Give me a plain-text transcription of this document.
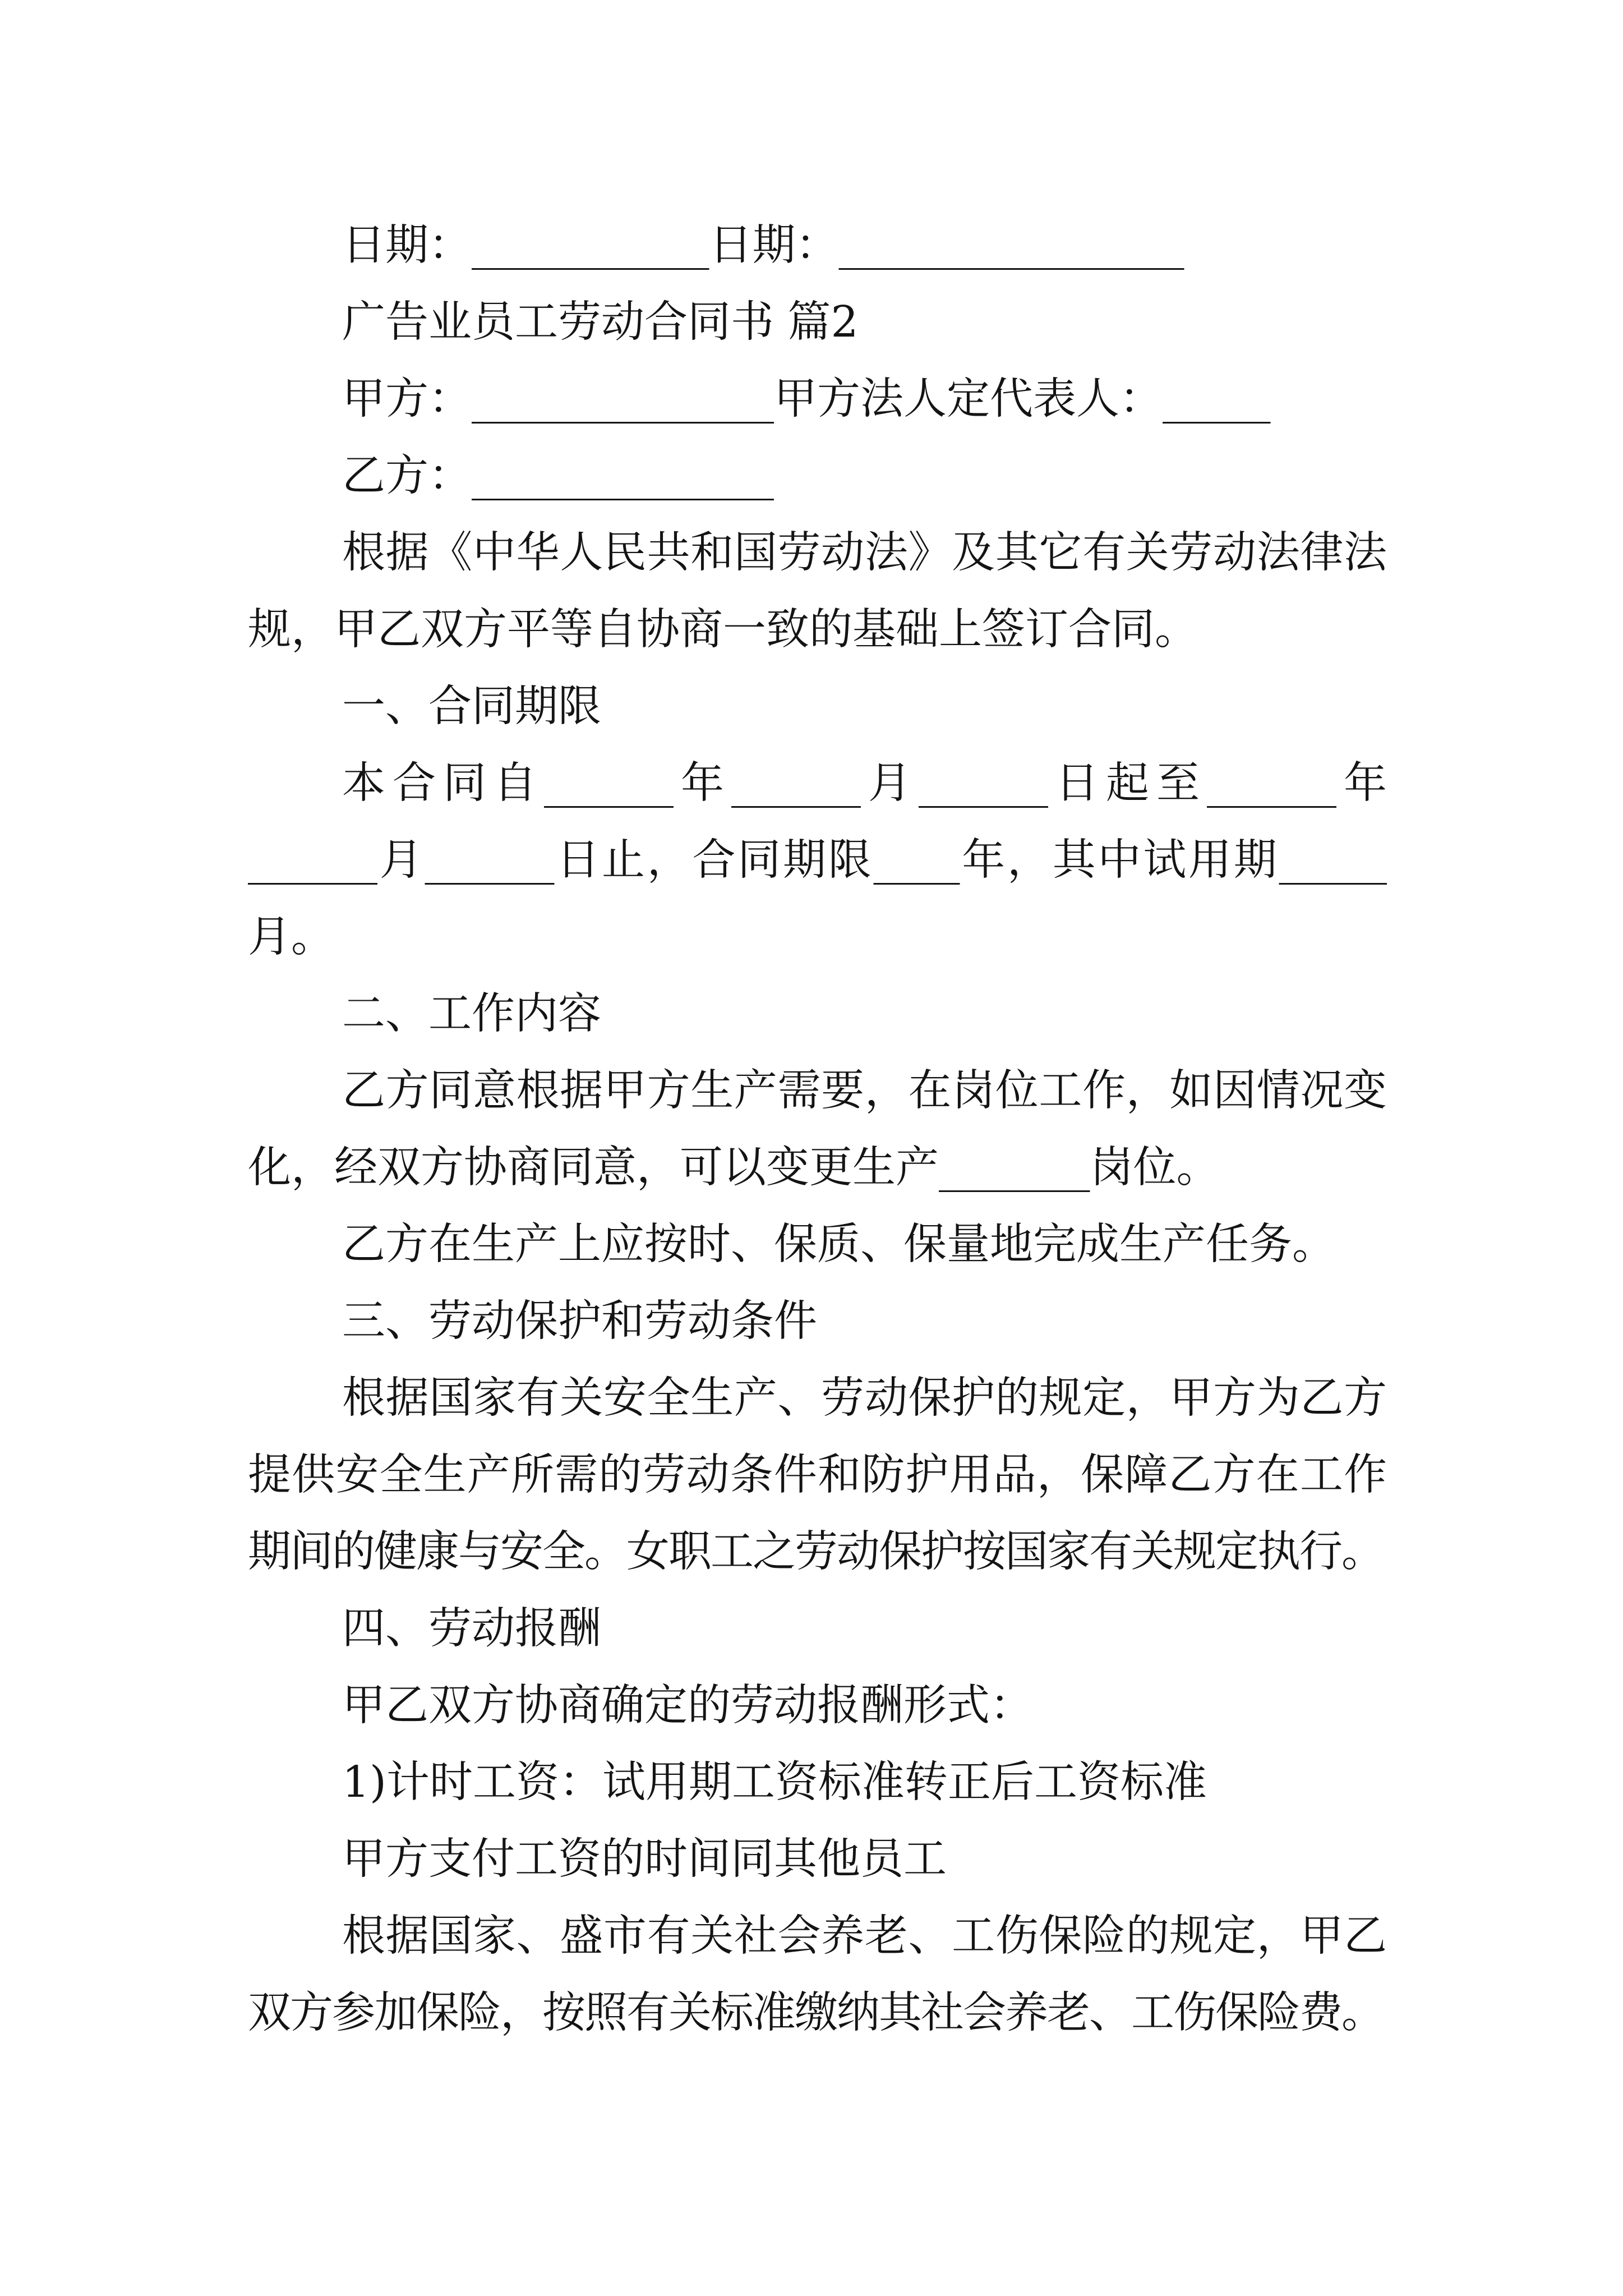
日期：___________日期：________________
广告业员工劳动合同书 篇2
甲方：______________甲方法人定代表人：_____
乙方：______________
根据《中华人民共和国劳动法》及其它有关劳动法律法
规，甲乙双方平等自协商一致的基础上签订合同。
一、合同期限
本合同自______年______月______日起至______年
______月______日止，合同期限____年，其中试用期_____
月。
二、工作内容
乙方同意根据甲方生产需要，在岗位工作，如因情况变
化，经双方协商同意，可以变更生产_______岗位。
乙方在生产上应按时、保质、保量地完成生产任务。
三、劳动保护和劳动条件
根据国家有关安全生产、劳动保护的规定，甲方为乙方
提供安全生产所需的劳动条件和防护用品，保障乙方在工作
期间的健康与安全。女职工之劳动保护按国家有关规定执行。
四、劳动报酬
甲乙双方协商确定的劳动报酬形式：
1)计时工资：试用期工资标准转正后工资标准
甲方支付工资的时间同其他员工
根据国家、盛市有关社会养老、工伤保险的规定，甲乙
双方参加保险，按照有关标准缴纳其社会养老、工伤保险费。
